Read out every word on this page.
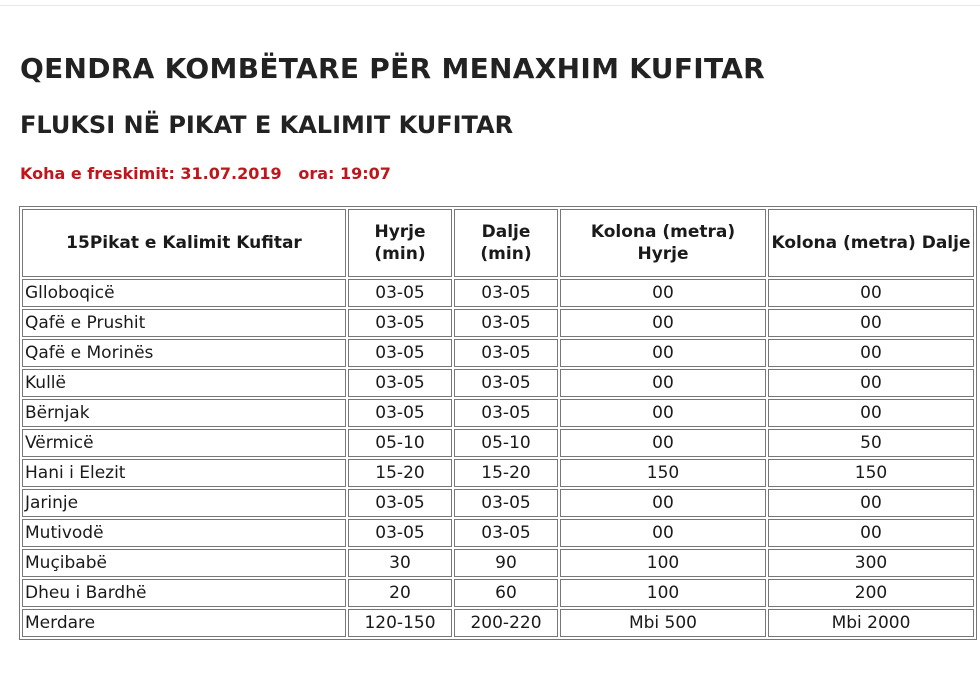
QENDRA KOMBËTARE PËR MENAXHIM KUFITAR
FLUKSI NË PIKAT E KALIMIT KUFITAR
Koha e freskimit: 31.07.2019   ora: 19:07
15Pikat e Kalimit Kufitar	Hyrje (min)	Dalje (min)	Kolona (metra) Hyrje	Kolona (metra) Dalje
Glloboqicë	03-05	03-05	00	00
Qafë e Prushit	03-05	03-05	00	00
Qafë e Morinës	03-05	03-05	00	00
Kullë	03-05	03-05	00	00
Bërnjak	03-05	03-05	00	00
Vërmicë	05-10	05-10	00	50
Hani i Elezit	15-20	15-20	150	150
Jarinje	03-05	03-05	00	00
Mutivodë	03-05	03-05	00	00
Muçibabë	30	90	100	300
Dheu i Bardhë	20	60	100	200
Merdare	120-150	200-220	Mbi 500	Mbi 2000
